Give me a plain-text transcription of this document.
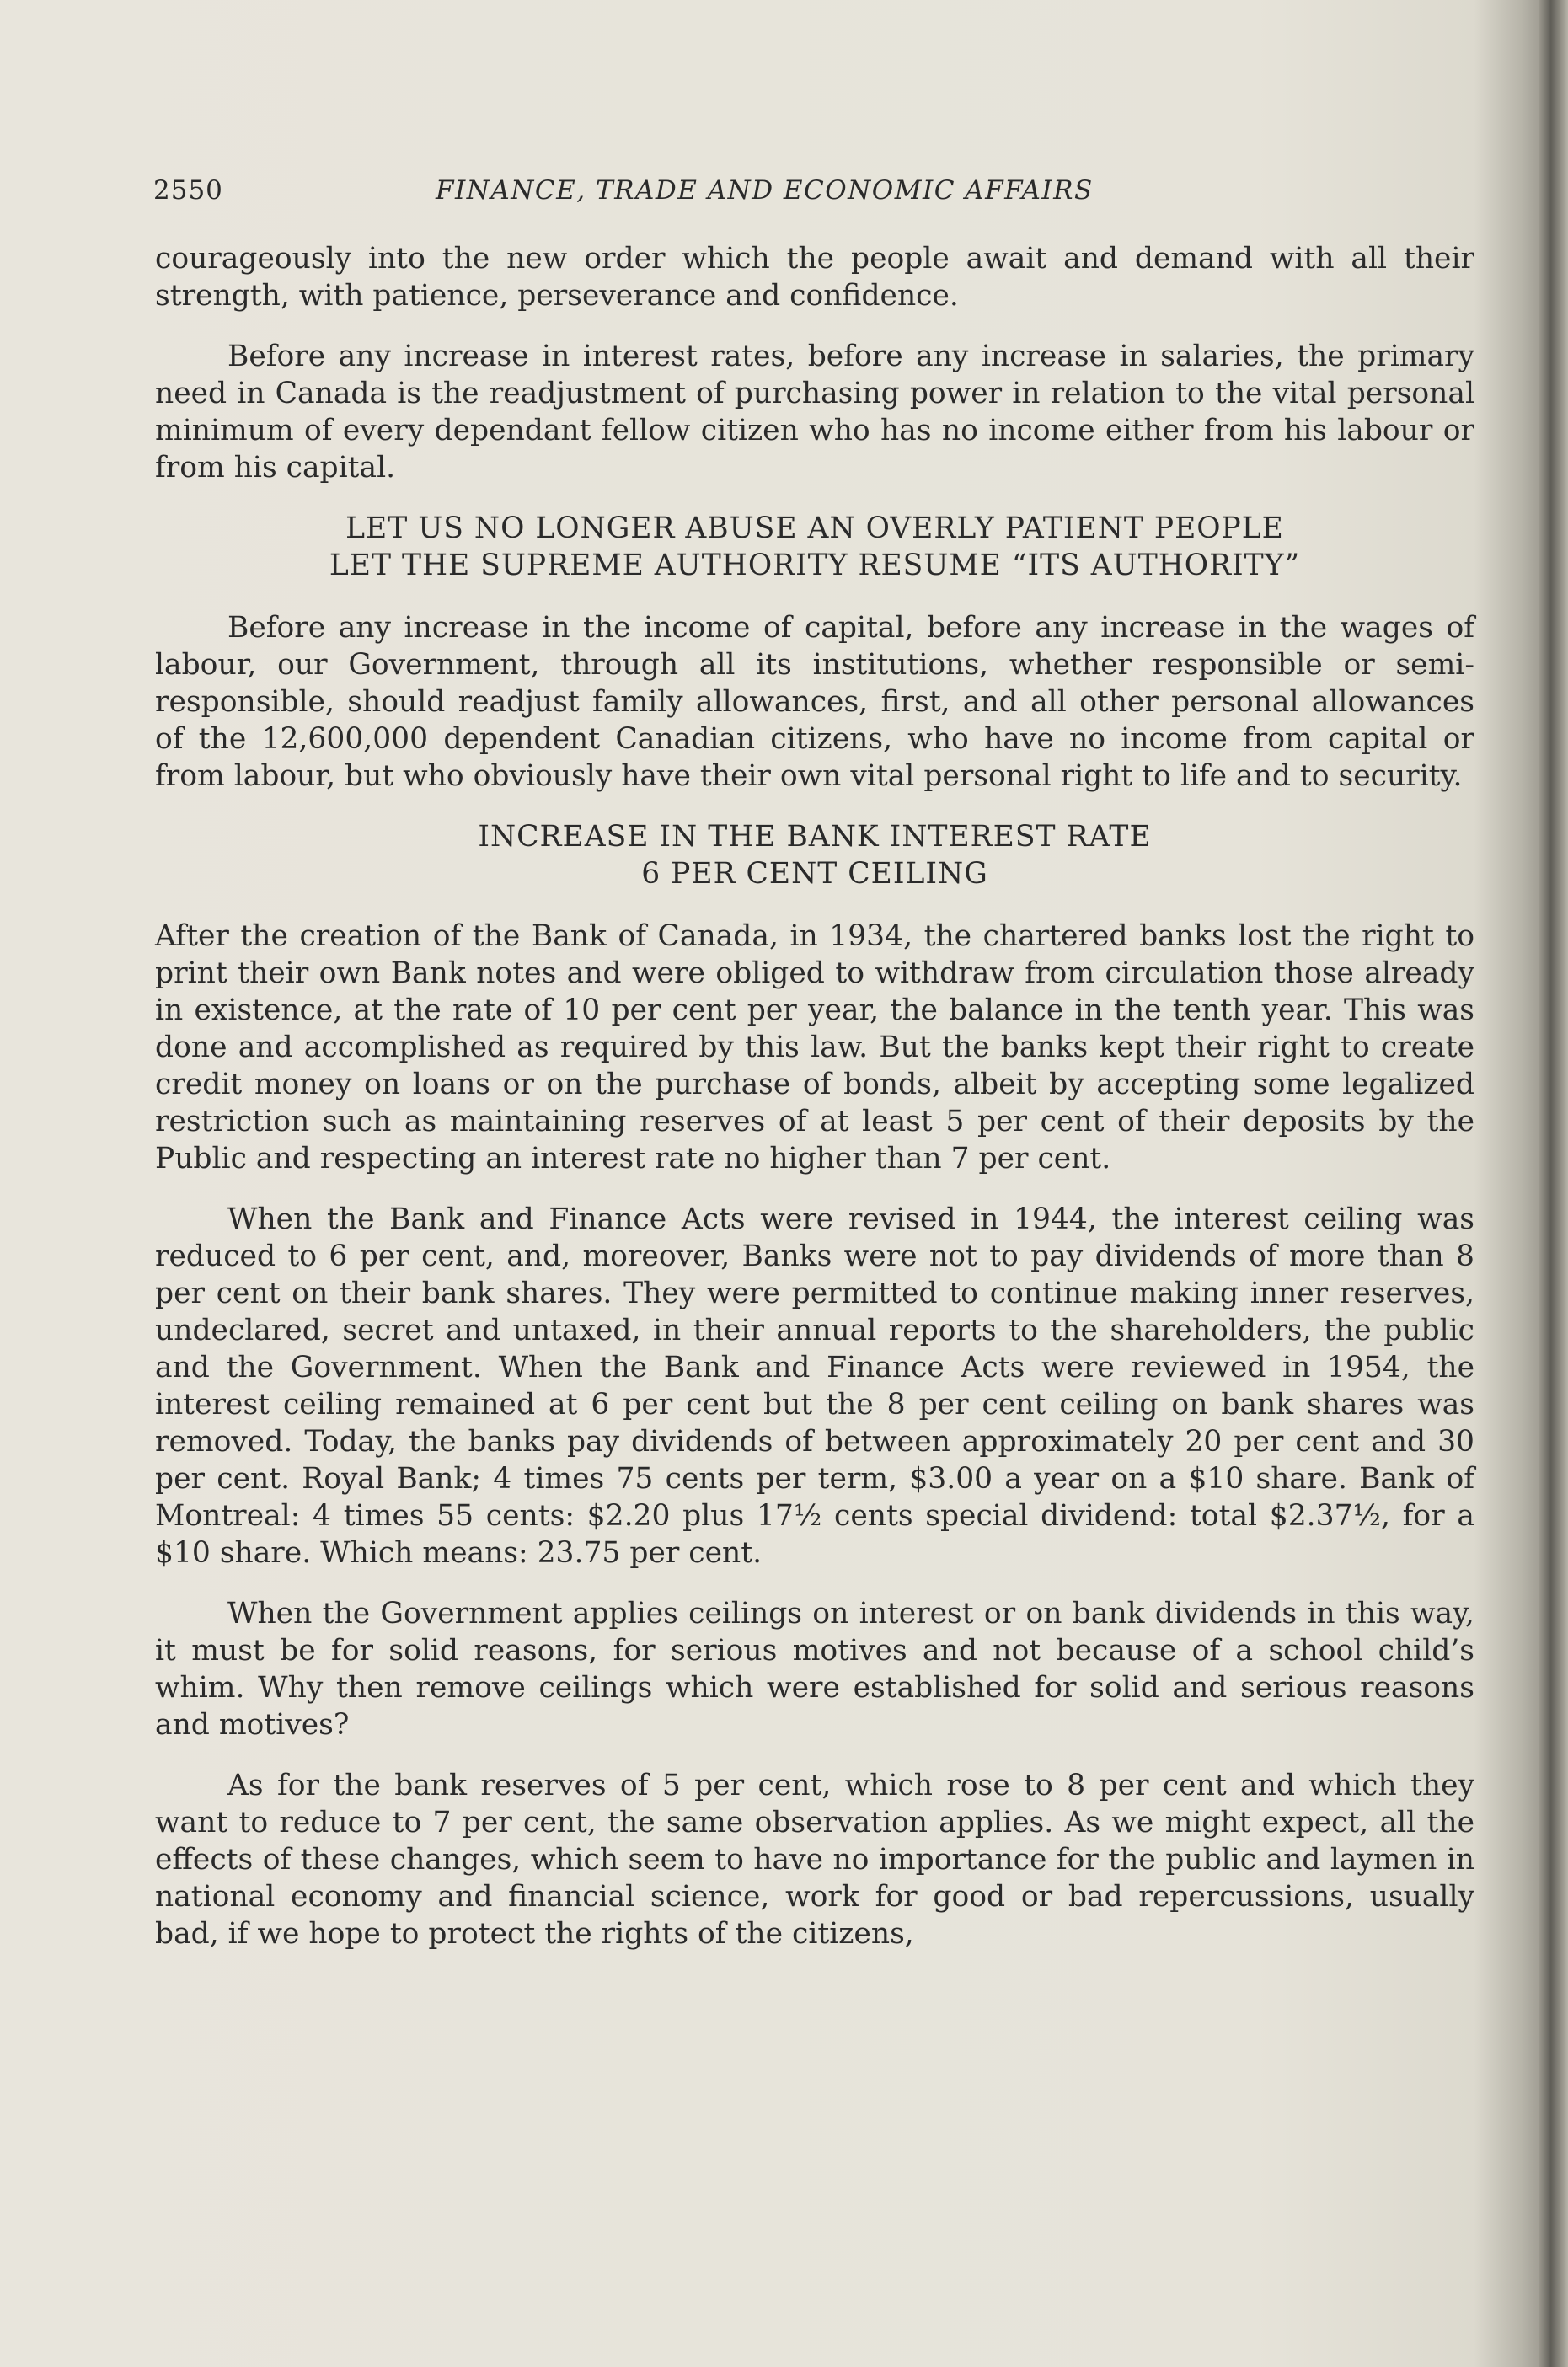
2550	FINANCE, TRADE AND ECONOMIC AFFAIRS

courageously into the new order which the people await and demand with all their strength, with patience, perseverance and confidence.

Before any increase in interest rates, before any increase in salaries, the primary need in Canada is the readjustment of purchasing power in relation to the vital personal minimum of every dependant fellow citizen who has no income either from his labour or from his capital.

LET US NO LONGER ABUSE AN OVERLY PATIENT PEOPLE
LET THE SUPREME AUTHORITY RESUME “ITS AUTHORITY”

Before any increase in the income of capital, before any increase in the wages of labour, our Government, through all its institutions, whether responsible or semi-responsible, should readjust family allowances, first, and all other personal allowances of the 12,600,000 dependent Canadian citizens, who have no income from capital or from labour, but who obviously have their own vital personal right to life and to security.

INCREASE IN THE BANK INTEREST RATE
6 PER CENT CEILING

After the creation of the Bank of Canada, in 1934, the chartered banks lost the right to print their own Bank notes and were obliged to withdraw from circulation those already in existence, at the rate of 10 per cent per year, the balance in the tenth year. This was done and accomplished as required by this law. But the banks kept their right to create credit money on loans or on the purchase of bonds, albeit by accepting some legalized restriction such as maintaining reserves of at least 5 per cent of their deposits by the Public and respecting an interest rate no higher than 7 per cent.

When the Bank and Finance Acts were revised in 1944, the interest ceiling was reduced to 6 per cent, and, moreover, Banks were not to pay dividends of more than 8 per cent on their bank shares. They were permitted to continue making inner reserves, undeclared, secret and untaxed, in their annual reports to the shareholders, the public and the Government. When the Bank and Finance Acts were reviewed in 1954, the interest ceiling remained at 6 per cent but the 8 per cent ceiling on bank shares was removed. Today, the banks pay dividends of between approximately 20 per cent and 30 per cent. Royal Bank; 4 times 75 cents per term, $3.00 a year on a $10 share. Bank of Montreal: 4 times 55 cents: $2.20 plus 17½ cents special dividend: total $2.37½, for a $10 share. Which means: 23.75 per cent.

When the Government applies ceilings on interest or on bank dividends in this way, it must be for solid reasons, for serious motives and not because of a school child’s whim. Why then remove ceilings which were established for solid and serious reasons and motives?

As for the bank reserves of 5 per cent, which rose to 8 per cent and which they want to reduce to 7 per cent, the same observation applies. As we might expect, all the effects of these changes, which seem to have no importance for the public and laymen in national economy and financial science, work for good or bad repercussions, usually bad, if we hope to protect the rights of the citizens,
